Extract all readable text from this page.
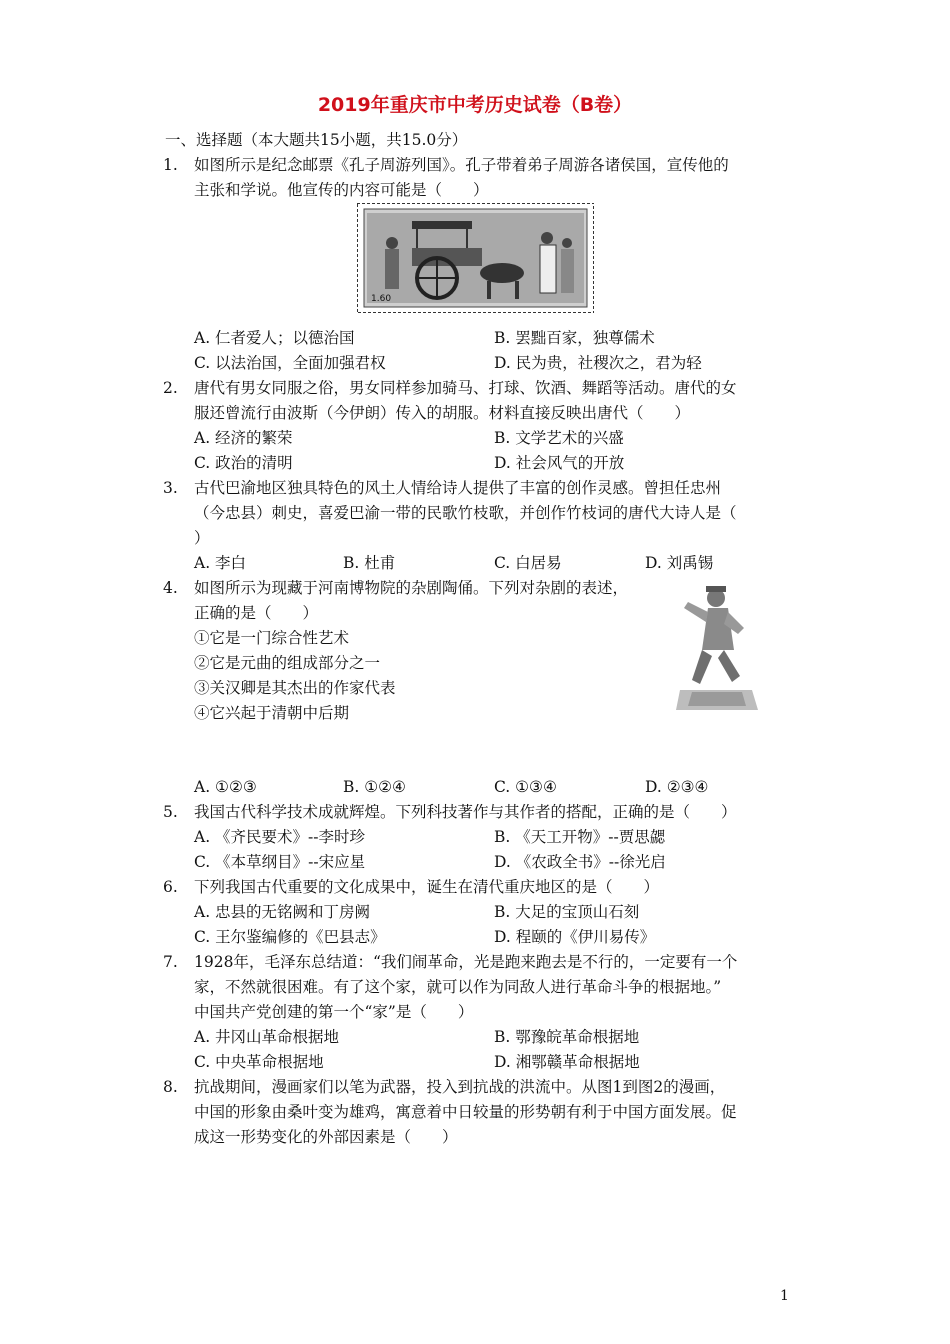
2019年重庆市中考历史试卷（B卷）
一、选择题（本大题共15小题，共15.0分）
1. 如图所示是纪念邮票《孔子周游列国》。孔子带着弟子周游各诸侯国，宣传他的
主张和学说。他宣传的内容可能是（　　）
1.60
A. 仁者爱人；以德治国	B. 罢黜百家，独尊儒术
C. 以法治国，全面加强君权	D. 民为贵，社稷次之，君为轻
2. 唐代有男女同服之俗，男女同样参加骑马、打球、饮酒、舞蹈等活动。唐代的女
服还曾流行由波斯（今伊朗）传入的胡服。材料直接反映出唐代（　　）
A. 经济的繁荣	B. 文学艺术的兴盛
C. 政治的清明	D. 社会风气的开放
3. 古代巴渝地区独具特色的风土人情给诗人提供了丰富的创作灵感。曾担任忠州
（今忠县）刺史，喜爱巴渝一带的民歌竹枝歌，并创作竹枝词的唐代大诗人是（
）
A. 李白	B. 杜甫	C. 白居易	D. 刘禹锡
4. 如图所示为现藏于河南博物院的杂剧陶俑。下列对杂剧的表述，
正确的是（　　）
①它是一门综合性艺术
②它是元曲的组成部分之一
③关汉卿是其杰出的作家代表
④它兴起于清朝中后期
A. ①②③	B. ①②④	C. ①③④	D. ②③④
5. 我国古代科学技术成就辉煌。下列科技著作与其作者的搭配，正确的是（　　）
A. 《齐民要术》--李时珍	B. 《天工开物》--贾思勰
C. 《本草纲目》--宋应星	D. 《农政全书》--徐光启
6. 下列我国古代重要的文化成果中，诞生在清代重庆地区的是（　　）
A. 忠县的无铭阙和丁房阙	B. 大足的宝顶山石刻
C. 王尔鉴编修的《巴县志》	D. 程颐的《伊川易传》
7. 1928年，毛泽东总结道：“我们闹革命，光是跑来跑去是不行的，一定要有一个
家，不然就很困难。有了这个家，就可以作为同敌人进行革命斗争的根据地。”
中国共产党创建的第一个“家”是（　　）
A. 井冈山革命根据地	B. 鄂豫皖革命根据地
C. 中央革命根据地	D. 湘鄂赣革命根据地
8. 抗战期间，漫画家们以笔为武器，投入到抗战的洪流中。从图1到图2的漫画，
中国的形象由桑叶变为雄鸡，寓意着中日较量的形势朝有利于中国方面发展。促
成这一形势变化的外部因素是（　　）
1
